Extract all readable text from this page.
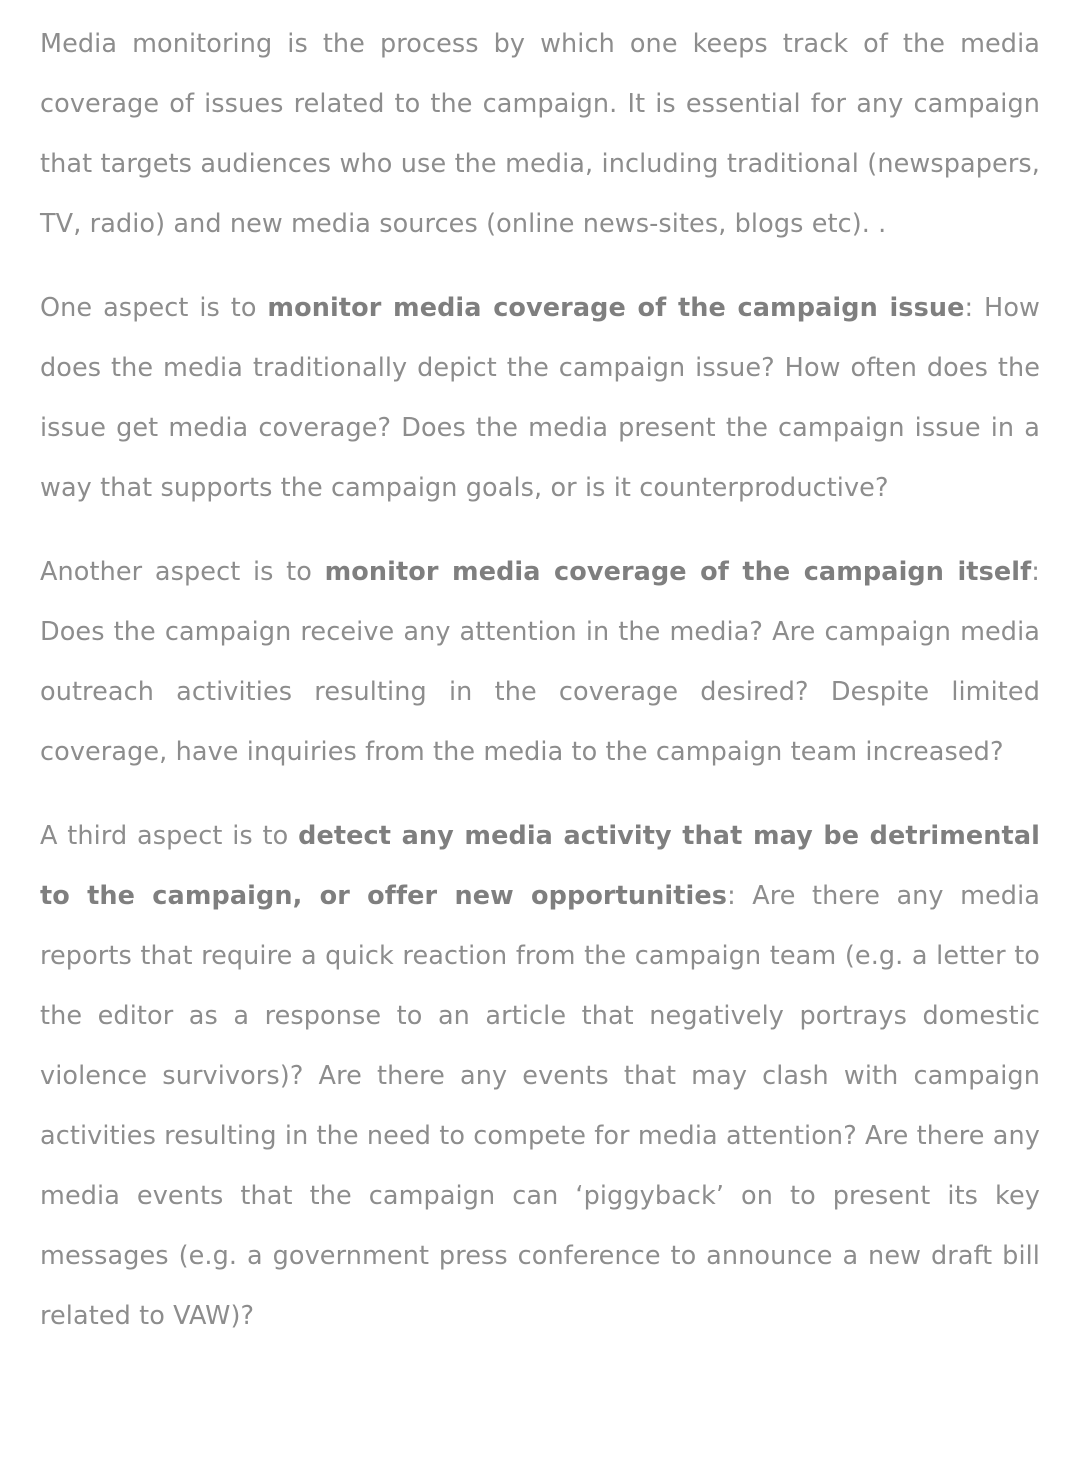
Media monitoring is the process by which one keeps track of the media coverage of issues related to the campaign. It is essential for any campaign that targets audiences who use the media, including traditional (newspapers, TV, radio) and new media sources (online news-sites, blogs etc). .

One aspect is to monitor media coverage of the campaign issue: How does the media traditionally depict the campaign issue? How often does the issue get media coverage? Does the media present the campaign issue in a way that supports the campaign goals, or is it counterproductive?

Another aspect is to monitor media coverage of the campaign itself: Does the campaign receive any attention in the media? Are campaign media outreach activities resulting in the coverage desired? Despite limited coverage, have inquiries from the media to the campaign team increased?

A third aspect is to detect any media activity that may be detrimental to the campaign, or offer new opportunities: Are there any media reports that require a quick reaction from the campaign team (e.g. a letter to the editor as a response to an article that negatively portrays domestic violence survivors)? Are there any events that may clash with campaign activities resulting in the need to compete for media attention? Are there any media events that the campaign can ‘piggyback’ on to present its key messages (e.g. a government press conference to announce a new draft bill related to VAW)?
